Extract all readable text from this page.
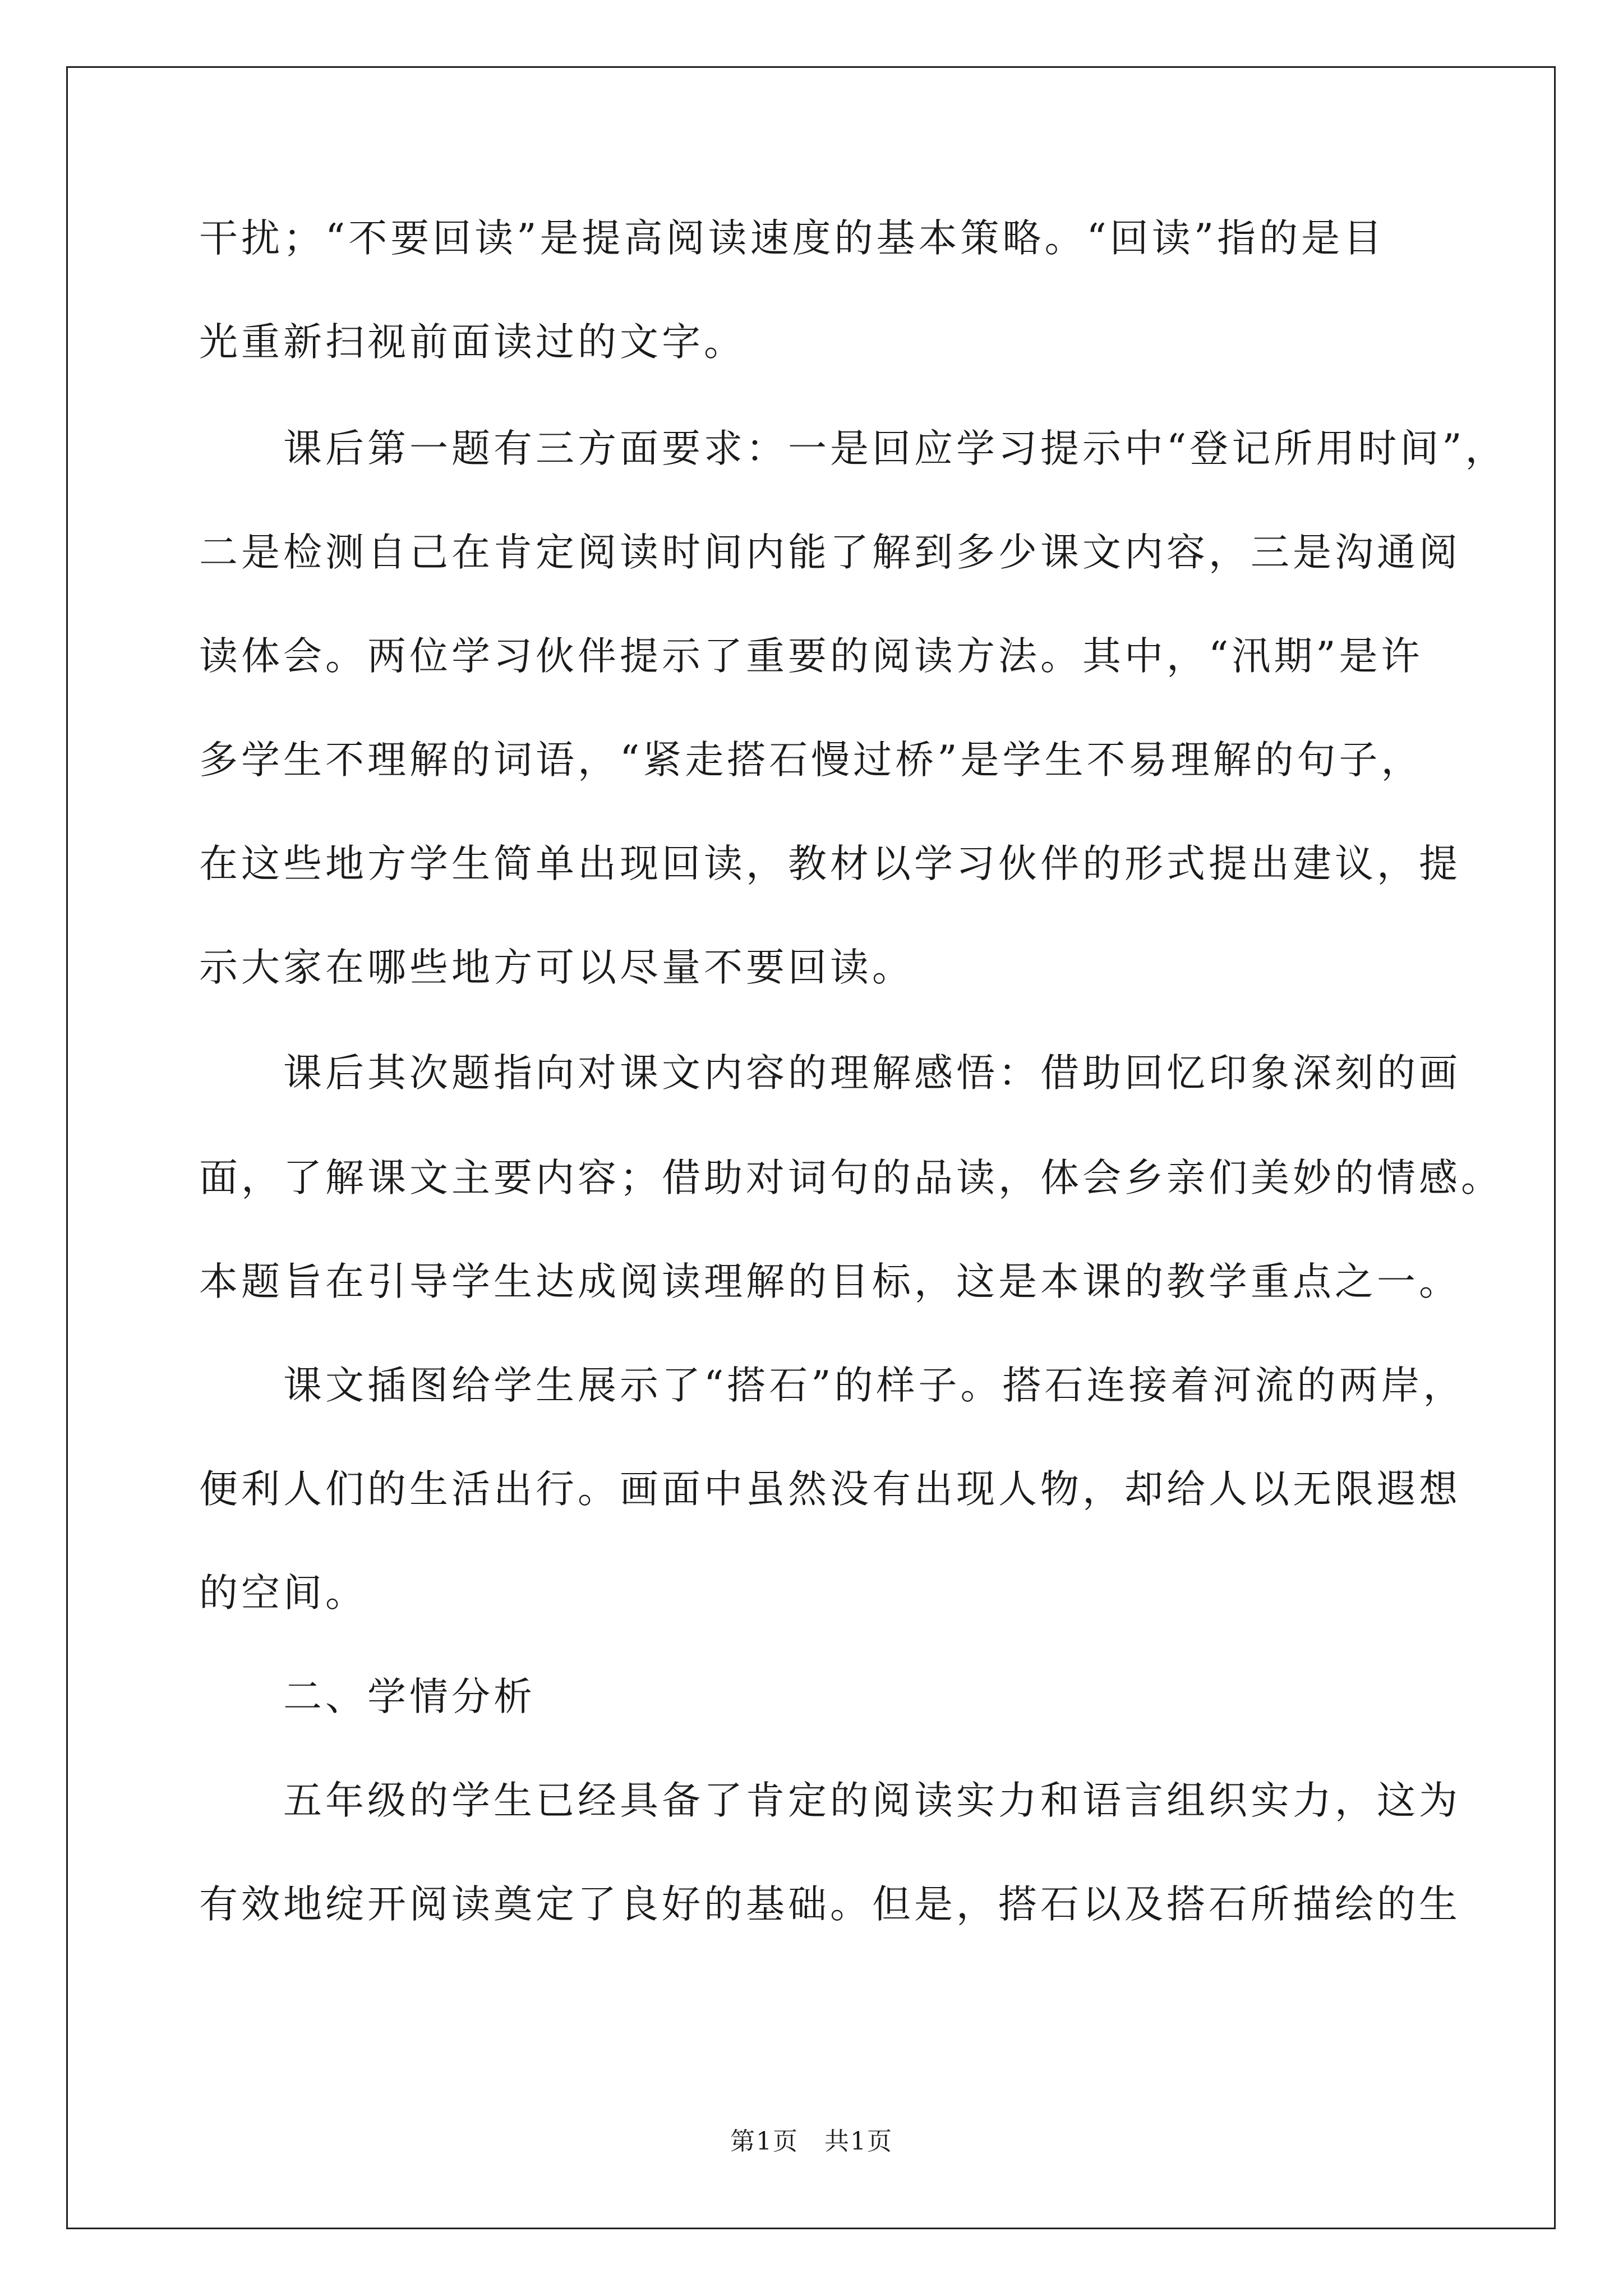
干扰；“不要回读”是提高阅读速度的基本策略。“回读”指的是目
光重新扫视前面读过的文字。
课后第一题有三方面要求：一是回应学习提示中“登记所用时间”，
二是检测自己在肯定阅读时间内能了解到多少课文内容，三是沟通阅
读体会。两位学习伙伴提示了重要的阅读方法。其中，“汛期”是许
多学生不理解的词语，“紧走搭石慢过桥”是学生不易理解的句子，
在这些地方学生简单出现回读，教材以学习伙伴的形式提出建议，提
示大家在哪些地方可以尽量不要回读。
课后其次题指向对课文内容的理解感悟：借助回忆印象深刻的画
面，了解课文主要内容；借助对词句的品读，体会乡亲们美妙的情感。
本题旨在引导学生达成阅读理解的目标，这是本课的教学重点之一。
课文插图给学生展示了“搭石”的样子。搭石连接着河流的两岸，
便利人们的生活出行。画面中虽然没有出现人物，却给人以无限遐想
的空间。
二、学情分析
五年级的学生已经具备了肯定的阅读实力和语言组织实力，这为
有效地绽开阅读奠定了良好的基础。但是，搭石以及搭石所描绘的生
第1页　共1页
